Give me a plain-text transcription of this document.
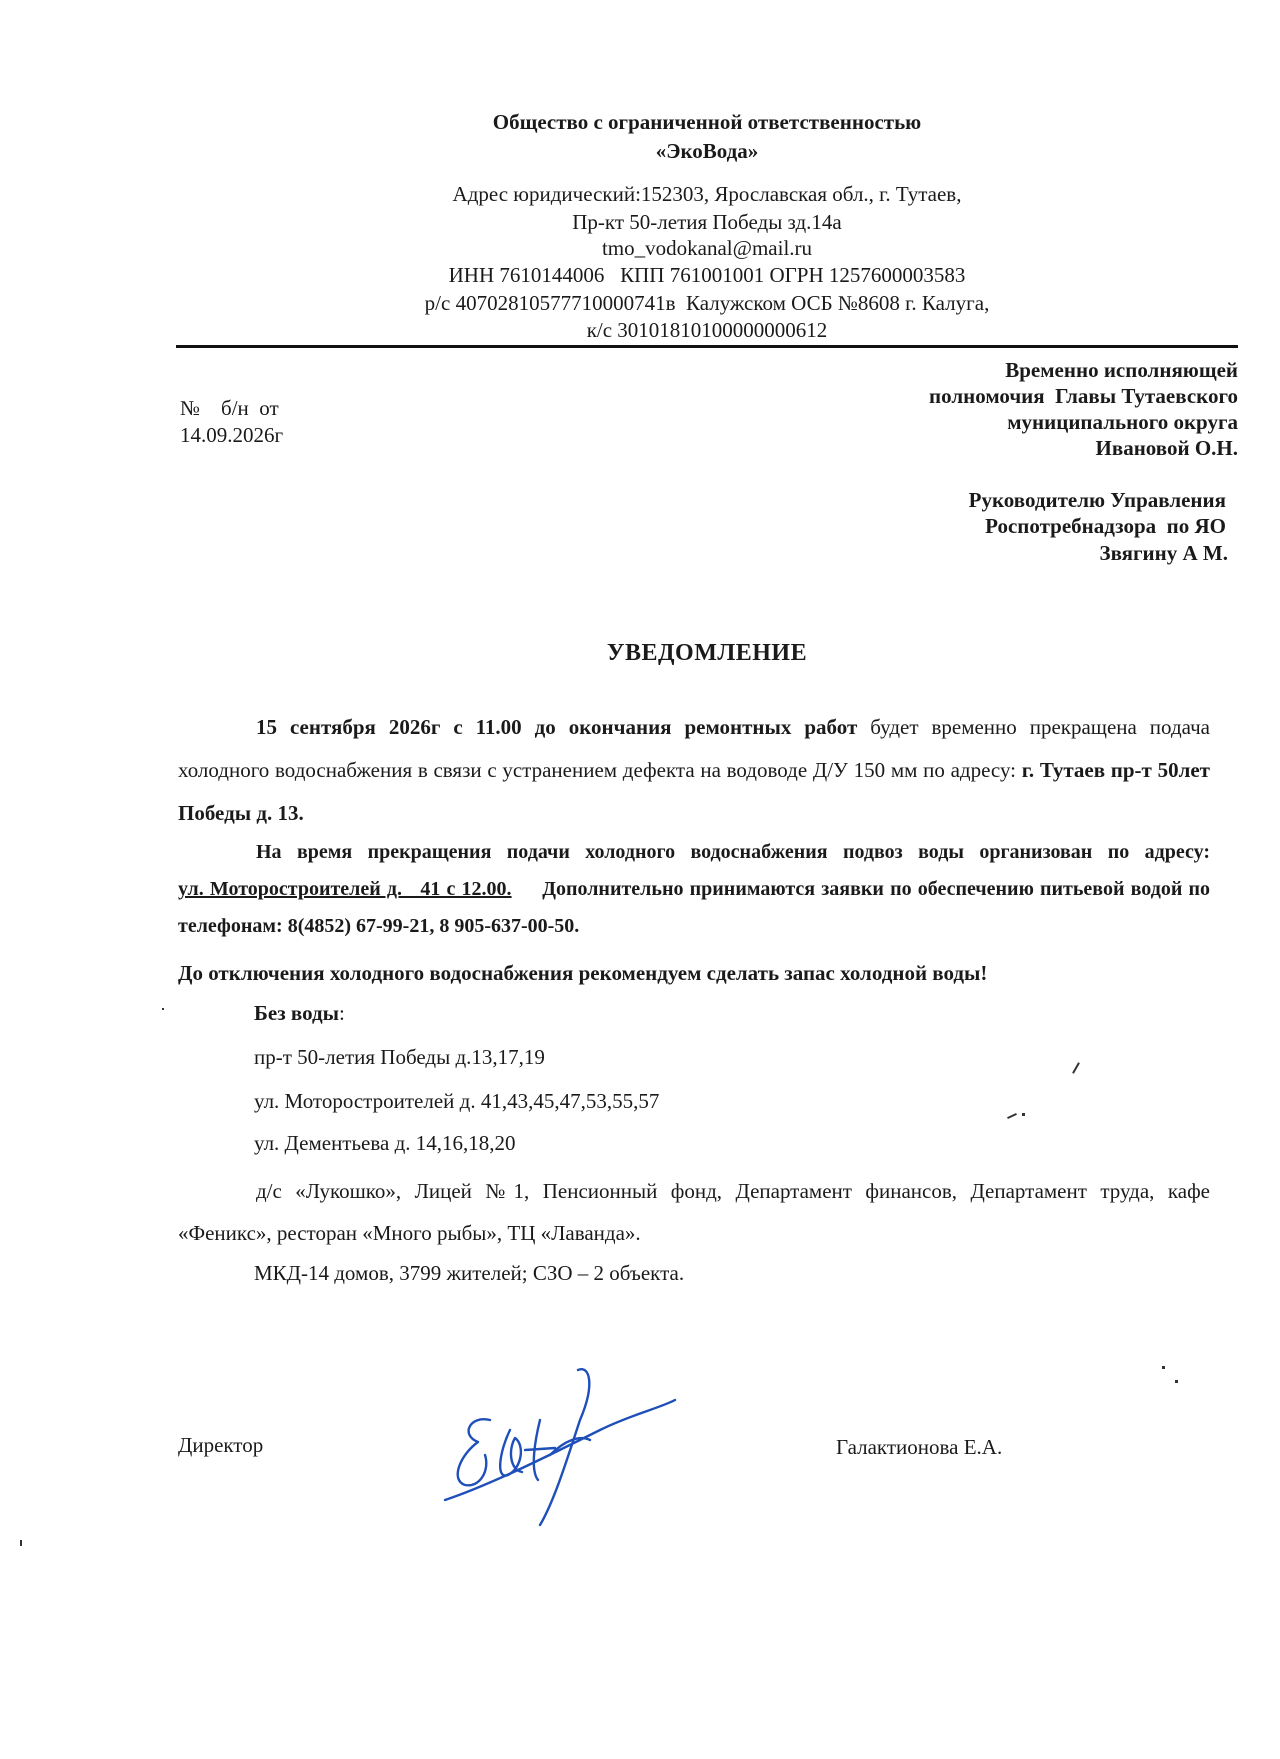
Общество с ограниченной ответственностью
«ЭкоВода»
Адрес юридический:152303, Ярославская обл., г. Тутаев,
Пр-кт 50-летия Победы зд.14а
tmo_vodokanal@mail.ru
ИНН 7610144006   КПП 761001001 ОГРН 1257600003583
р/с 40702810577710000741в  Калужском ОСБ №8608 г. Калуга,
к/с 30101810100000000612
№    б/н  от
14.09.2026г
Временно исполняющей
полномочия  Главы Тутаевского
муниципального округа
Ивановой О.Н.
Руководителю Управления
Роспотребнадзора  по ЯО
Звягину А М.
УВЕДОМЛЕНИЕ
15 сентября 2026г с 11.00 до окончания ремонтных работ будет временно прекращена подача холодного водоснабжения в связи с устранением дефекта на водоводе Д/У 150 мм по адресу: г. Тутаев пр-т 50лет Победы д. 13.
На время прекращения подачи холодного водоснабжения подвоз воды организован по адресу: ул. Моторостроителей д.   41 с 12.00.     Дополнительно принимаются заявки по обеспечению питьевой водой по телефонам: 8(4852) 67-99-21, 8 905-637-00-50.
До отключения холодного водоснабжения рекомендуем сделать запас холодной воды!
Без воды:
пр-т 50-летия Победы д.13,17,19
ул. Моторостроителей д. 41,43,45,47,53,55,57
ул. Дементьева д. 14,16,18,20
д/с «Лукошко», Лицей №1, Пенсионный фонд, Департамент финансов, Департамент труда, кафе «Феникс», ресторан «Много рыбы», ТЦ «Лаванда».
МКД-14 домов, 3799 жителей; СЗО – 2 объекта.
Директор	Галактионова Е.А.
